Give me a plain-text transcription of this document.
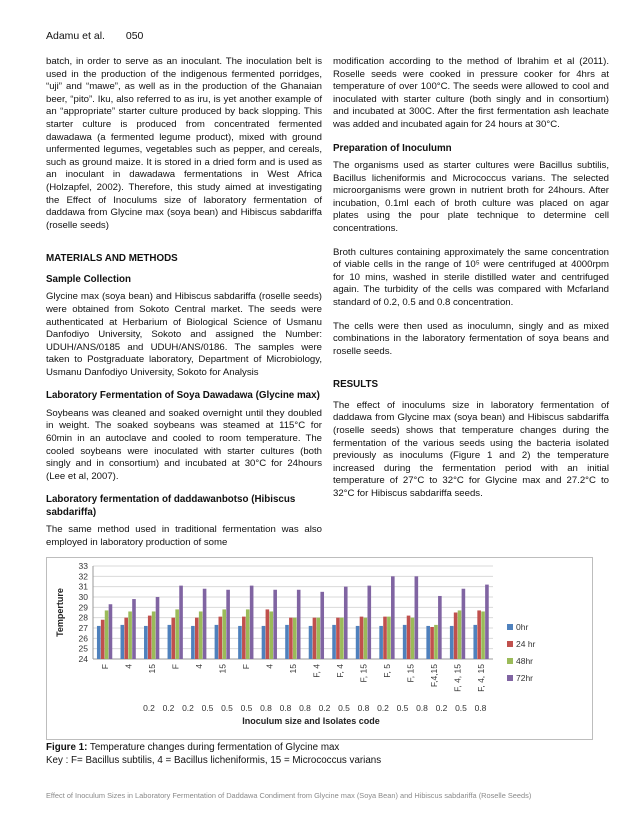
Adamu et al. 050

batch, in order to serve as an inoculant. The inoculation belt is used in the production of the indigenous fermented porridges, “uji” and “mawe”, as well as in the production of the Ghanaian beer, “pito”. Iku, also referred to as iru, is yet another example of an “appropriate” starter culture produced by back slopping. This starter culture is produced from concentrated fermented dawadawa (a fermented legume product), mixed with ground unfermented legumes, vegetables such as pepper, and cereals, such as ground maize. It is stored in a dried form and is used as an inoculant in dawadawa fermentations in West Africa (Holzapfel, 2002). Therefore, this study aimed at investigating the Effect of Inoculums size of laboratory fermentation of daddawa from Glycine max (soya bean) and Hibiscus sabdariffa (roselle seeds)

MATERIALS AND METHODS
Sample Collection

Glycine max (soya bean) and Hibiscus sabdariffa (roselle seeds) were obtained from Sokoto Central market. The seeds were authenticated at Herbarium of Biological Science of Usmanu Danfodiyo University, Sokoto and assigned the Number: UDUH/ANS/0185 and UDUH/ANS/0186. The samples were taken to Postgraduate laboratory, Department of Microbiology, Usmanu Danfodiyo University, Sokoto for Analysis

Laboratory Fermentation of Soya Dawadawa (Glycine max)

Soybeans was cleaned and soaked overnight until they doubled in weight. The soaked soybeans was steamed at 115°C for 60min in an autoclave and cooled to room temperature. The cooled soybeans were inoculated with starter cultures (both singly and in consortium) and incubated at 30°C for 24hours (Lee et al, 2007).

Laboratory fermentation of daddawanbotso (Hibiscus sabdariffa)

The same method used in traditional fermentation was also employed in laboratory production of some

modification according to the method of Ibrahim et al (2011). Roselle seeds were cooked in pressure cooker for 4hrs at temperature of over 100°C. The seeds were allowed to cool and inoculated with starter culture (both singly and in consortium) and incubated at 300C. After the first fermentation ash leachate was added and incubated again for 24 hours at 30°C.

Preparation of Inoculumn

The organisms used as starter cultures were Bacillus subtilis, Bacillus licheniformis and Micrococcus varians. The selected microorganisms were grown in nutrient broth for 24hours. After incubation, 0.1ml each of broth culture was placed on agar plates using the pour plate technique to determine cell concentrations.

Broth cultures containing approximately the same concentration of viable cells in the range of 10⁵ were centrifuged at 4000rpm for 10 mins, washed in sterile distilled water and centrifuged again. The turbidity of the cells was compared with Mcfarland standard of 0.2, 0.5 and 0.8 concentration.

The cells were then used as inoculumn, singly and as mixed combinations in the laboratory fermentation of soya beans and roselle seeds.

RESULTS

The effect of inoculums size in laboratory fermentation of daddawa from Glycine max (soya bean) and Hibiscus sabdariffa (roselle seeds) shows that temperature changes during the fermentation of the various seeds using the bacteria isolated previously as inoculums (Figure 1 and 2) the temperature increased during the fermentation period with an initial temperature of 27°C to 32°C for Glycine max and 27.2°C to 32°C for Hibiscus sabdariffa seeds.

24
25
26
27
28
29
30
31
32
33
Temperture
F 4 15 F 4 15 F 4 15 F, 4 F, 4 F, 15 F, 5 F, 15 F,4,15 F, 4, 15 F, 4, 15
0.2 0.2 0.2 0.5 0.5 0.5 0.8 0.8 0.8 0.2 0.5 0.8 0.2 0.5 0.8 0.2 0.5 0.8
Inoculum size and Isolates code
0hr
24 hr
48hr
72hr
Figure 1: Temperature changes during fermentation of Glycine max
Key : F= Bacillus subtilis, 4 = Bacillus licheniformis, 15 = Micrococcus varians
Effect of Inoculum Sizes in Laboratory Fermentation of Daddawa Condiment from Glycine max (Soya Bean) and Hibiscus sabdariffa (Roselle Seeds)
